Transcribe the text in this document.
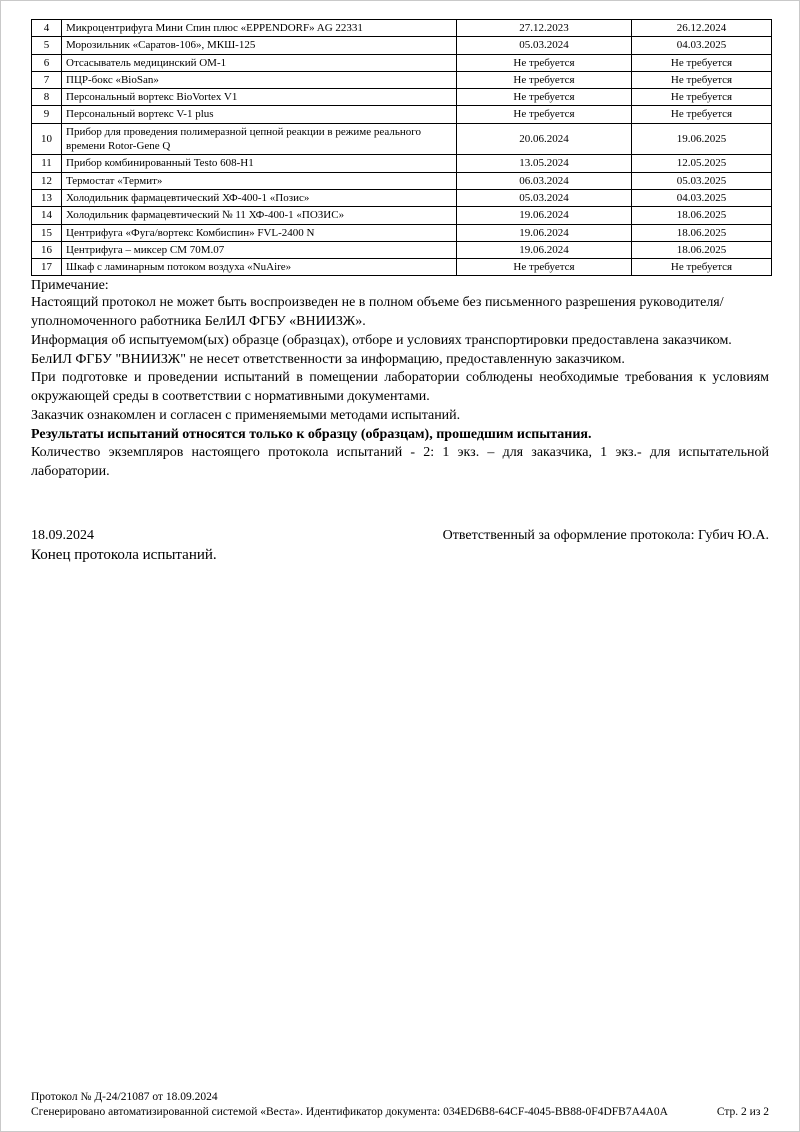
4	Микроцентрифуга Мини Спин плюс «EPPENDORF» AG 22331	27.12.2023	26.12.2024
5	Морозильник «Саратов-106», МКШ-125	05.03.2024	04.03.2025
6	Отсасыватель медицинский ОМ-1	Не требуется	Не требуется
7	ПЦР-бокс «BioSan»	Не требуется	Не требуется
8	Персональный вортекс BioVortex V1	Не требуется	Не требуется
9	Персональный вортекс V-1 plus	Не требуется	Не требуется
10	Прибор для проведения полимеразной цепной реакции в режиме реального времени Rotor-Gene Q	20.06.2024	19.06.2025
11	Прибор комбинированный Testo 608-H1	13.05.2024	12.05.2025
12	Термостат «Термит»	06.03.2024	05.03.2025
13	Холодильник фармацевтический ХФ-400-1 «Позис»	05.03.2024	04.03.2025
14	Холодильник фармацевтический № 11 ХФ-400-1 «ПОЗИС»	19.06.2024	18.06.2025
15	Центрифуга «Фуга/вортекс Комбиспин» FVL-2400 N	19.06.2024	18.06.2025
16	Центрифуга – миксер СМ 70М.07	19.06.2024	18.06.2025
17	Шкаф с ламинарным потоком воздуха «NuAire»	Не требуется	Не требуется
Примечание:

Настоящий протокол не может быть воспроизведен не в полном объеме без письменного разрешения руководителя/уполномоченного работника БелИЛ ФГБУ «ВНИИЗЖ».

Информация об испытуемом(ых) образце (образцах), отборе и условиях транспортировки предоставлена заказчиком.

БелИЛ ФГБУ "ВНИИЗЖ" не несет ответственности за информацию, предоставленную заказчиком.

При подготовке и проведении испытаний в помещении лаборатории соблюдены необходимые требования к условиям окружающей среды в соответствии с нормативными документами.

Заказчик ознакомлен и согласен с применяемыми методами испытаний.

Результаты испытаний относятся только к образцу (образцам), прошедшим испытания.

Количество экземпляров настоящего протокола испытаний - 2: 1 экз. – для заказчика, 1 экз.- для испытательной лаборатории.

18.09.2024	Ответственный за оформление протокола: Губич Ю.А.
Конец протокола испытаний.
Протокол № Д-24/21087 от 18.09.2024
Сгенерировано автоматизированной системой «Веста». Идентификатор документа: 034ED6B8-64CF-4045-BB88-0F4DFB7A4A0A	Стр. 2 из 2
